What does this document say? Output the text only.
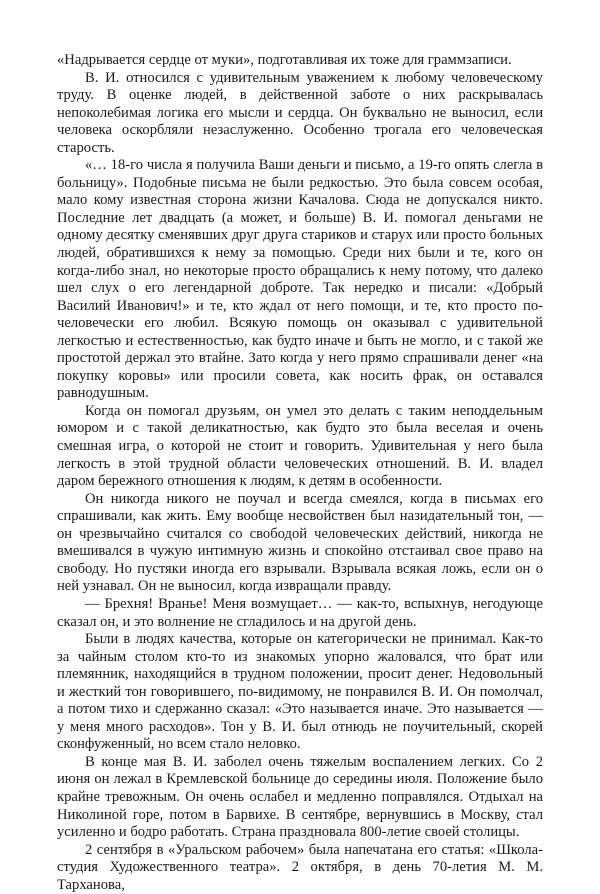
«Надрывается сердце от муки», подготавливая их тоже для граммзаписи.

В. И. относился с удивительным уважением к любому человеческому труду. В оценке людей, в действенной заботе о них раскрывалась непоколебимая логика его мысли и сердца. Он буквально не выносил, если человека оскорбляли незаслуженно. Особенно трогала его человеческая старость.

«… 18-го числа я получила Ваши деньги и письмо, а 19-го опять слегла в больницу». Подобные письма не были редкостью. Это была совсем особая, мало кому известная сторона жизни Качалова. Сюда не допускался никто. Последние лет двадцать (а может, и больше) В. И. помогал деньгами не одному десятку сменявших друг друга стариков и старух или просто больных людей, обратившихся к нему за помощью. Среди них были и те, кого он когда-либо знал, но некоторые просто обращались к нему потому, что далеко шел слух о его легендарной доброте. Так нередко и писали: «Добрый Василий Иванович!» и те, кто ждал от него помощи, и те, кто просто по-человечески его любил. Всякую помощь он оказывал с удивительной легкостью и естественностью, как будто иначе и быть не могло, и с такой же простотой держал это втайне. Зато когда у него прямо спрашивали денег «на покупку коровы» или просили совета, как носить фрак, он оставался равнодушным.

Когда он помогал друзьям, он умел это делать с таким неподдельным юмором и с такой деликатностью, как будто это была веселая и очень смешная игра, о которой не стоит и говорить. Удивительная у него была легкость в этой трудной области человеческих отношений. В. И. владел даром бережного отношения к людям, к детям в особенности.

Он никогда никого не поучал и всегда смеялся, когда в письмах его спрашивали, как жить. Ему вообще несвойствен был назидательный тон, — он чрезвычайно считался со свободой человеческих действий, никогда не вмешивался в чужую интимную жизнь и спокойно отстаивал свое право на свободу. Но пустяки иногда его взрывали. Взрывала всякая ложь, если он о ней узнавал. Он не выносил, когда извращали правду.

— Брехня! Вранье! Меня возмущает… — как-то, вспыхнув, негодующе сказал он, и это волнение не сгладилось и на другой день.

Были в людях качества, которые он категорически не принимал. Как-то за чайным столом кто-то из знакомых упорно жаловался, что брат или племянник, находящийся в трудном положении, просит денег. Недовольный и жесткий тон говорившего, по-видимому, не понравился В. И. Он помолчал, а потом тихо и сдержанно сказал: «Это называется иначе. Это называется — у меня много расходов». Тон у В. И. был отнюдь не поучительный, скорей сконфуженный, но всем стало неловко.

В конце мая В. И. заболел очень тяжелым воспалением легких. Со 2 июня он лежал в Кремлевской больнице до середины июля. Положение было крайне тревожным. Он очень ослабел и медленно поправлялся. Отдыхал на Николиной горе, потом в Барвихе. В сентябре, вернувшись в Москву, стал усиленно и бодро работать. Страна праздновала 800-летие своей столицы.

2 сентября в «Уральском рабочем» была напечатана его статья: «Школа-студия Художественного театра». 2 октября, в день 70-летия М. М. Тарханова,
